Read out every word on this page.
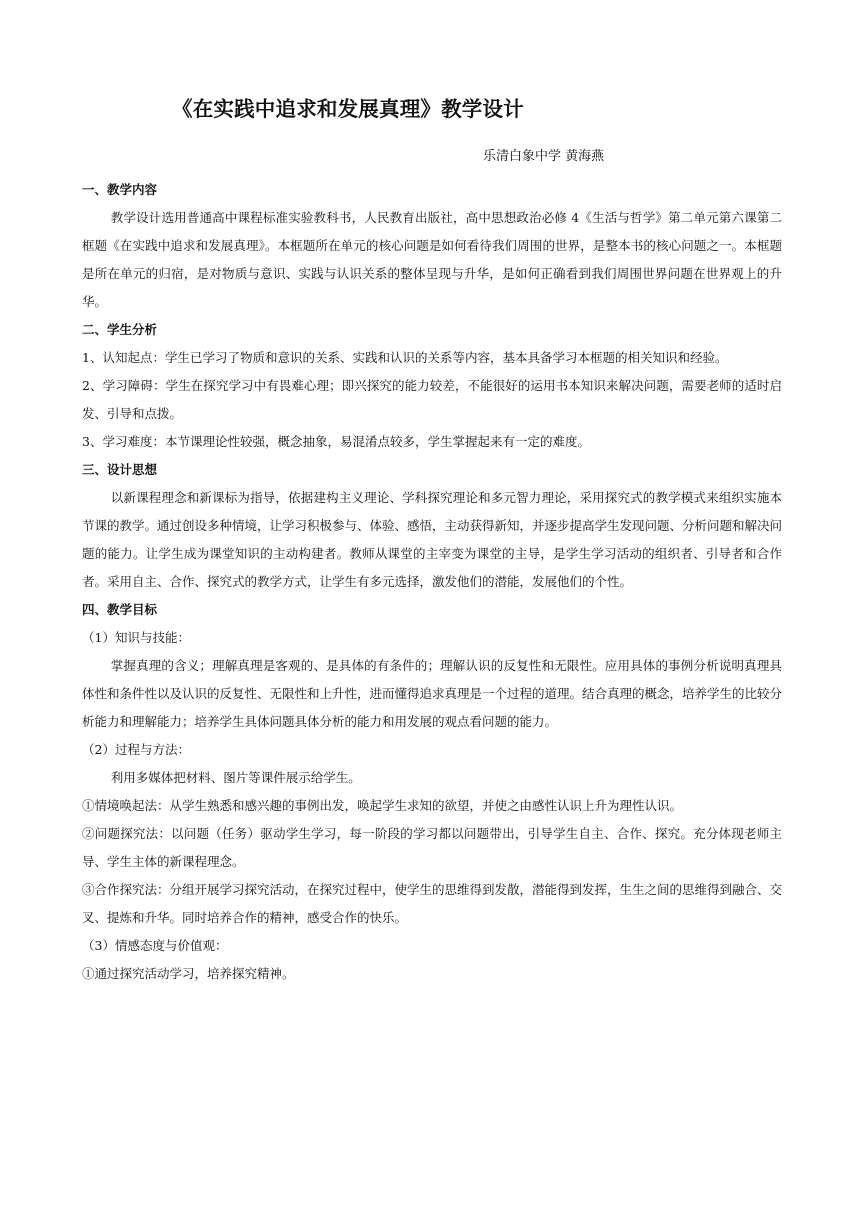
《在实践中追求和发展真理》教学设计
乐清白象中学 黄海燕

一、教学内容

教学设计选用普通高中课程标准实验教科书，人民教育出版社，高中思想政治必修 4《生活与哲学》第二单元第六课第二框题《在实践中追求和发展真理》。本框题所在单元的核心问题是如何看待我们周围的世界，是整本书的核心问题之一。本框题是所在单元的归宿，是对物质与意识、实践与认识关系的整体呈现与升华，是如何正确看到我们周围世界问题在世界观上的升华。

二、学生分析

1、认知起点：学生已学习了物质和意识的关系、实践和认识的关系等内容，基本具备学习本框题的相关知识和经验。

2、学习障碍：学生在探究学习中有畏难心理；即兴探究的能力较差，不能很好的运用书本知识来解决问题，需要老师的适时启发、引导和点拨。

3、学习难度：本节课理论性较强，概念抽象，易混淆点较多，学生掌握起来有一定的难度。

三、设计思想

以新课程理念和新课标为指导，依据建构主义理论、学科探究理论和多元智力理论，采用探究式的教学模式来组织实施本节课的教学。通过创设多种情境，让学习积极参与、体验、感悟，主动获得新知，并逐步提高学生发现问题、分析问题和解决问题的能力。让学生成为课堂知识的主动构建者。教师从课堂的主宰变为课堂的主导，是学生学习活动的组织者、引导者和合作者。采用自主、合作、探究式的教学方式，让学生有多元选择，激发他们的潜能，发展他们的个性。

四、教学目标

（1）知识与技能：

掌握真理的含义；理解真理是客观的、是具体的有条件的；理解认识的反复性和无限性。应用具体的事例分析说明真理具体性和条件性以及认识的反复性、无限性和上升性，进而懂得追求真理是一个过程的道理。结合真理的概念，培养学生的比较分析能力和理解能力；培养学生具体问题具体分析的能力和用发展的观点看问题的能力。

（2）过程与方法：

利用多媒体把材料、图片等课件展示给学生。

①情境唤起法：从学生熟悉和感兴趣的事例出发，唤起学生求知的欲望，并使之由感性认识上升为理性认识。

②问题探究法：以问题（任务）驱动学生学习，每一阶段的学习都以问题带出，引导学生自主、合作、探究。充分体现老师主导、学生主体的新课程理念。

③合作探究法：分组开展学习探究活动，在探究过程中，使学生的思维得到发散，潜能得到发挥，生生之间的思维得到融合、交叉、提炼和升华。同时培养合作的精神，感受合作的快乐。

（3）情感态度与价值观：

①通过探究活动学习，培养探究精神。
